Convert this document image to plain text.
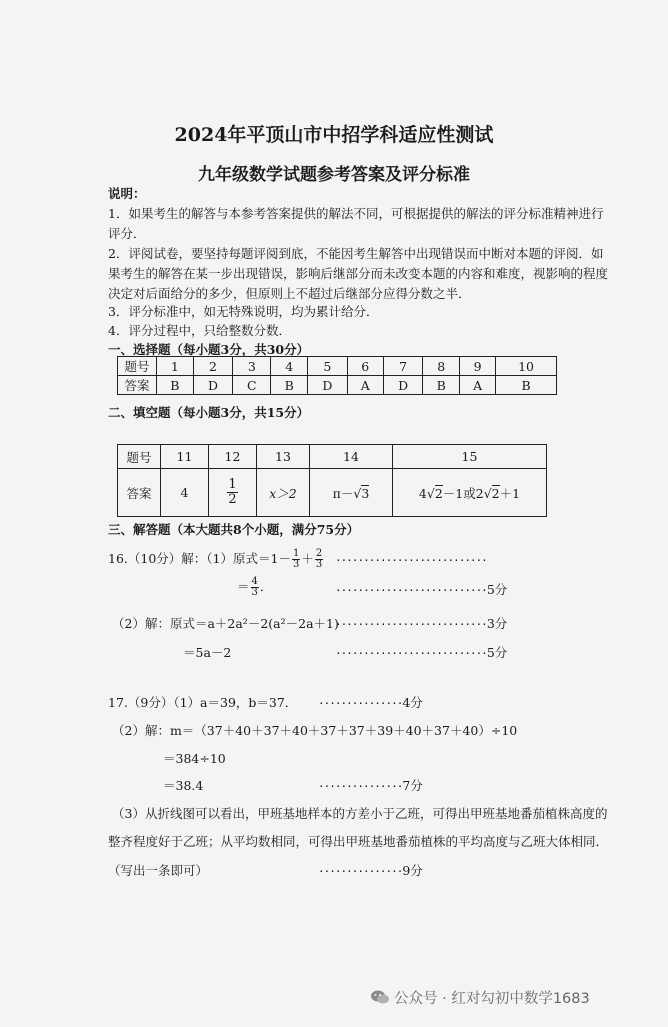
2024年平顶山市中招学科适应性测试
九年级数学试题参考答案及评分标准
说明：
1．如果考生的解答与本参考答案提供的解法不同，可根据提供的解法的评分标准精神进行
评分．
2．评阅试卷，要坚持每题评阅到底，不能因考生解答中出现错误而中断对本题的评阅．如
果考生的解答在某一步出现错误，影响后继部分而未改变本题的内容和难度，视影响的程度
决定对后面给分的多少，但原则上不超过后继部分应得分数之半．
3．评分标准中，如无特殊说明，均为累计给分．
4．评分过程中，只给整数分数．
一、选择题（每小题3分，共30分）
题号	1	2	3	4	5	6	7	8	9	10
答案	B	D	C	B	D	A	D	B	A	B
二、填空题（每小题3分，共15分）
题号	11	12	13	14	15
答案	4	$\frac{1}{2}$	x＞2	π－√3	4√2－1或2√2＋1
三、解答题（本大题共8个小题，满分75分）
16.（10分）解：（1）原式$=1- \frac{1}{3} + \frac{2}{3}$ ···························
＝ $\frac{4}{3}$ ．	···························5分
（2）解：原式＝a＋2a²－2(a²－2a＋1)
···························3分
＝5a－2	···························5分
17.（9分）（1）a＝39，b＝37． ···············4分
（2）解：m＝（37＋40＋37＋40＋37＋37＋39＋40＋37＋40）÷10
＝384÷10
＝38.4	···············7分
（3）从折线图可以看出，甲班基地样本的方差小于乙班，可得出甲班基地番茄植株高度的
整齐程度好于乙班；从平均数相同，可得出甲班基地番茄植株的平均高度与乙班大体相同．
（写出一条即可）	···············9分
公众号 · 红对勾初中数学1683
